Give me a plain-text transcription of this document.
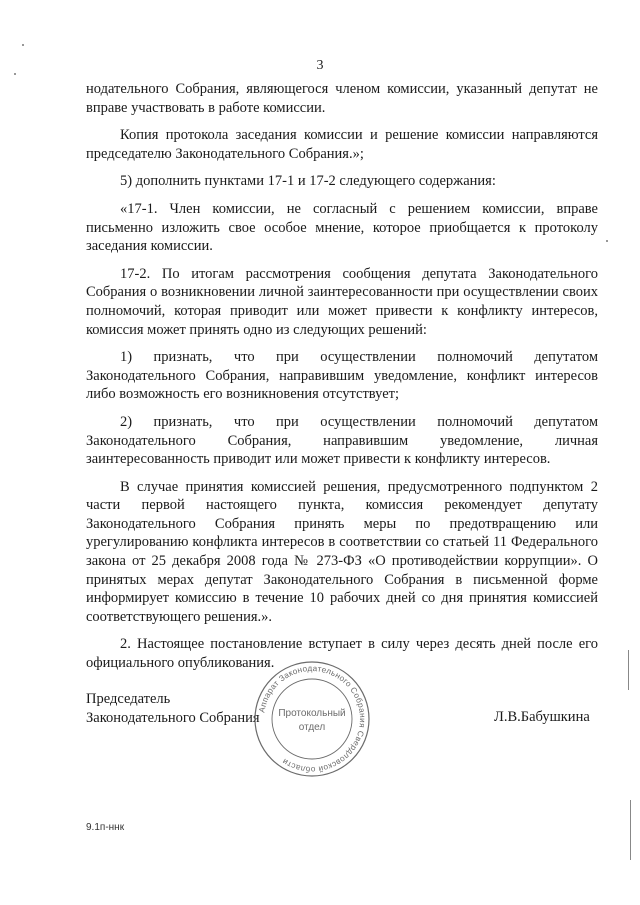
3

нодательного Собрания, являющегося членом комиссии, указанный депутат не вправе участвовать в работе комиссии.

Копия протокола заседания комиссии и решение комиссии направляются председателю Законодательного Собрания.»;

5) дополнить пунктами 17-1 и 17-2 следующего содержания:

«17-1. Член комиссии, не согласный с решением комиссии, вправе письменно изложить свое особое мнение, которое приобщается к протоколу заседания комиссии.

17-2. По итогам рассмотрения сообщения депутата Законодательного Собрания о возникновении личной заинтересованности при осуществлении своих полномочий, которая приводит или может привести к конфликту интересов, комиссия может принять одно из следующих решений:

1) признать, что при осуществлении полномочий депутатом Законодательного Собрания, направившим уведомление, конфликт интересов либо возможность его возникновения отсутствует;

2) признать, что при осуществлении полномочий депутатом Законодательного Собрания, направившим уведомление, личная заинтересованность приводит или может привести к конфликту интересов.

В случае принятия комиссией решения, предусмотренного подпунктом 2 части первой настоящего пункта, комиссия рекомендует депутату Законодательного Собрания принять меры по предотвращению или урегулированию конфликта интересов в соответствии со статьей 11 Федерального закона от 25 декабря 2008 года № 273-ФЗ «О противодействии коррупции». О принятых мерах депутат Законодательного Собрания в письменной форме информирует комиссию в течение 10 рабочих дней со дня принятия комиссией соответствующего решения.».

2. Настоящее постановление вступает в силу через десять дней после его официального опубликования.

Председатель
Законодательного Собрания	Л.В.Бабушкина
Аппарат Законодательного Собрания Свердловской области
Протокольный
отдел
9.1п-ннк
